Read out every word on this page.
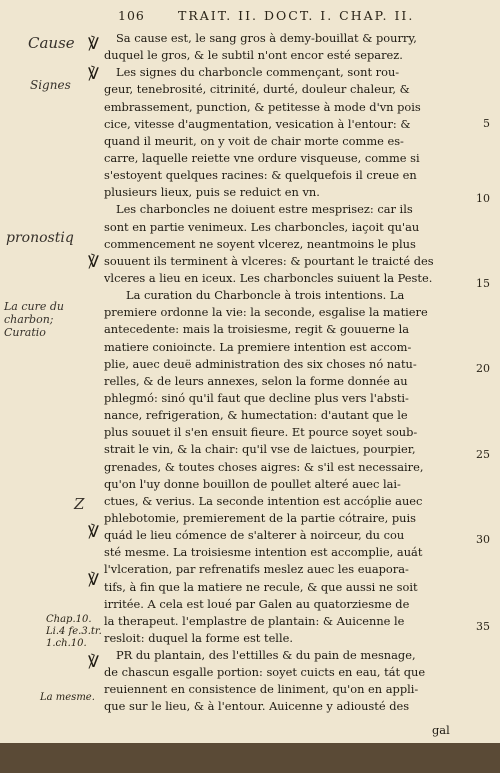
106	TRAIT. II. DOCT. I. CHAP. II.
Cause
Signes
pronostiq
La cure du charbon; Curatio
Z
℣
℣
℣
℣
℣
℣
Chap.10. Li.4 fe.3.tr. 1.ch.10.
La mesme.
5
10
15
20
25
30
35
Sa cause est, le sang gros à demy-bouillat & pourry,
duquel le gros, & le subtil n'ont encor esté separez.
Les signes du charboncle commençant, sont rou-
geur, tenebrosité, citrinité, durté, douleur chaleur, &
embrassement, punction, & petitesse à mode d'vn pois
cice, vitesse d'augmentation, vesication à l'entour: &
quand il meurit, on y voit de chair morte comme es-
carre, laquelle reiette vne ordure visqueuse, comme si
s'estoyent quelques racines: & quelquefois il creue en
plusieurs lieux, puis se reduict en vn.
Les charboncles ne doiuent estre mesprisez: car ils
sont en partie venimeux. Les charboncles, iaçoit qu'au
commencement ne soyent vlcerez, neantmoins le plus
souuent ils terminent à vlceres: & pourtant le traicté des
vlceres a lieu en iceux. Les charboncles suiuent la Peste.
La curation du Charboncle à trois intentions. La
premiere ordonne la vie: la seconde, esgalise la matiere
antecedente: mais la troisiesme, regit & gouuerne la
matiere conioincte. La premiere intention est accom-
plie, auec deuë administration des six choses nó natu-
relles, & de leurs annexes, selon la forme donnée au
phlegmó: sinó qu'il faut que decline plus vers l'absti-
nance, refrigeration, & humectation: d'autant que le
plus souuet il s'en ensuit fieure. Et pource soyet soub-
strait le vin, & la chair: qu'il vse de laictues, pourpier,
grenades, & toutes choses aigres: & s'il est necessaire,
qu'on l'uy donne bouillon de poullet alteré auec lai-
ctues, & verius. La seconde intention est accóplie auec
phlebotomie, premierement de la partie cótraire, puis
quád le lieu cómence de s'alterer à noirceur, du cou
sté mesme. La troisiesme intention est accomplie, auát
l'vlceration, par refrenatifs meslez auec les euapora-
tifs, à fin que la matiere ne recule, & que aussi ne soit
irritée. A cela est loué par Galen au quatorziesme de
la therapeut. l'emplastre de plantain: & Auicenne le
resloit: duquel la forme est telle.
PR du plantain, des l'ettilles & du pain de mesnage,
de chascun esgalle portion: soyet cuicts en eau, tát que
reuiennent en consistence de liniment, qu'on en appli-
que sur le lieu, & à l'entour. Auicenne y adiousté des
gal
